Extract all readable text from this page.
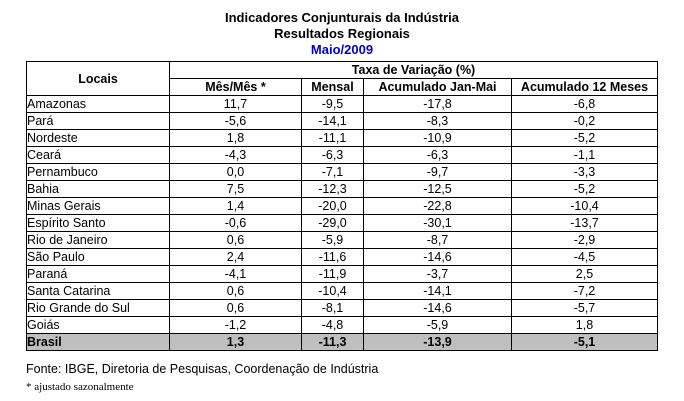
Indicadores Conjunturais da Indústria
Resultados Regionais
Maio/2009
Locais	Taxa de Variação (%)			
	Mês/Mês *	Mensal	Acumulado Jan-Mai	Acumulado 12 Meses
Amazonas	11,7	-9,5	-17,8	-6,8
Pará	-5,6	-14,1	-8,3	-0,2
Nordeste	1,8	-11,1	-10,9	-5,2
Ceará	-4,3	-6,3	-6,3	-1,1
Pernambuco	0,0	-7,1	-9,7	-3,3
Bahia	7,5	-12,3	-12,5	-5,2
Minas Gerais	1,4	-20,0	-22,8	-10,4
Espírito Santo	-0,6	-29,0	-30,1	-13,7
Rio de Janeiro	0,6	-5,9	-8,7	-2,9
São Paulo	2,4	-11,6	-14,6	-4,5
Paraná	-4,1	-11,9	-3,7	2,5
Santa Catarina	0,6	-10,4	-14,1	-7,2
Rio Grande do Sul	0,6	-8,1	-14,6	-5,7
Goiás	-1,2	-4,8	-5,9	1,8
Brasil	1,3	-11,3	-13,9	-5,1
Fonte: IBGE, Diretoria de Pesquisas, Coordenação de Indústria
* ajustado sazonalmente
